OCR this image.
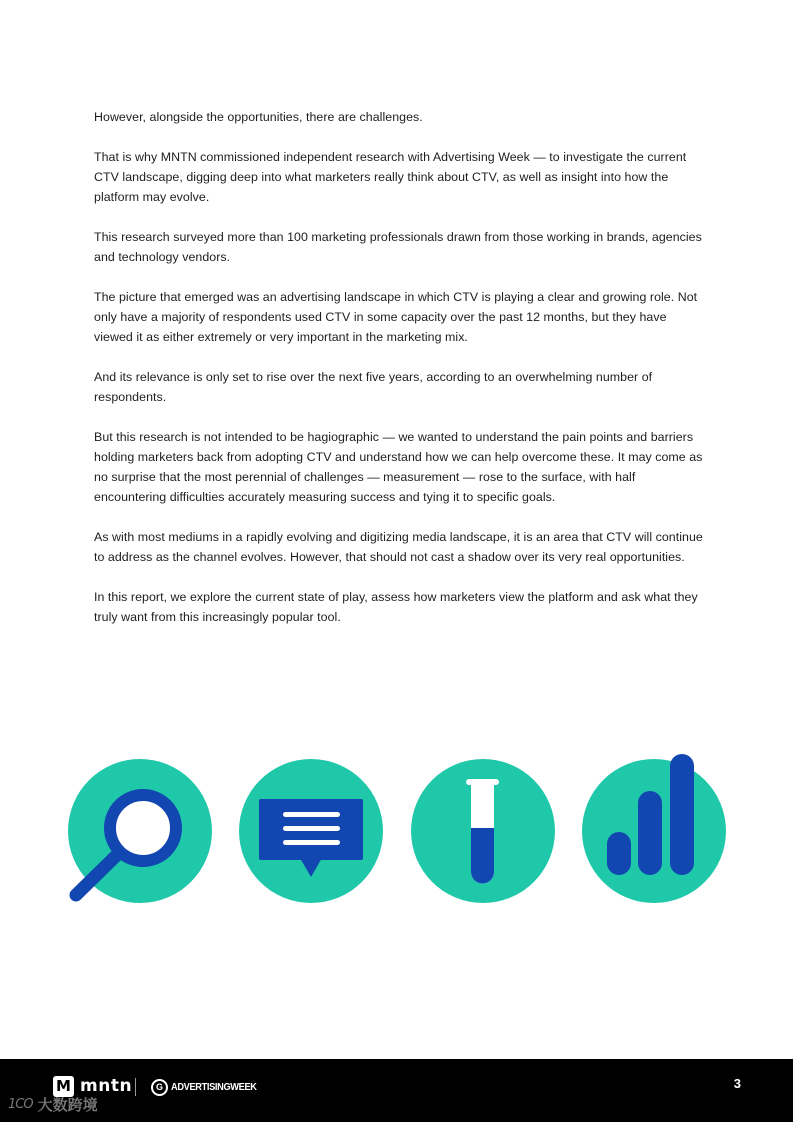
However, alongside the opportunities, there are challenges.

That is why MNTN commissioned independent research with Advertising Week — to investigate the current CTV landscape, digging deep into what marketers really think about CTV, as well as insight into how the platform may evolve.

This research surveyed more than 100 marketing professionals drawn from those working in brands, agencies and technology vendors.

The picture that emerged was an advertising landscape in which CTV is playing a clear and growing role. Not only have a majority of respondents used CTV in some capacity over the past 12 months, but they have viewed it as either extremely or very important in the marketing mix.

And its relevance is only set to rise over the next five years, according to an overwhelming number of respondents.

But this research is not intended to be hagiographic — we wanted to understand the pain points and barriers holding marketers back from adopting CTV and understand how we can help overcome these. It may come as no surprise that the most perennial of challenges — measurement — rose to the surface, with half encountering difficulties accurately measuring success and tying it to specific goals.

As with most mediums in a rapidly evolving and digitizing media landscape, it is an area that CTV will continue to address as the channel evolves. However, that should not cast a shadow over its very real opportunities.

In this report, we explore the current state of play, assess how marketers view the platform and ask what they truly want from this increasingly popular tool.

M mntn	G ADVERTISINGWEEK	3
1CO 大数跨境
